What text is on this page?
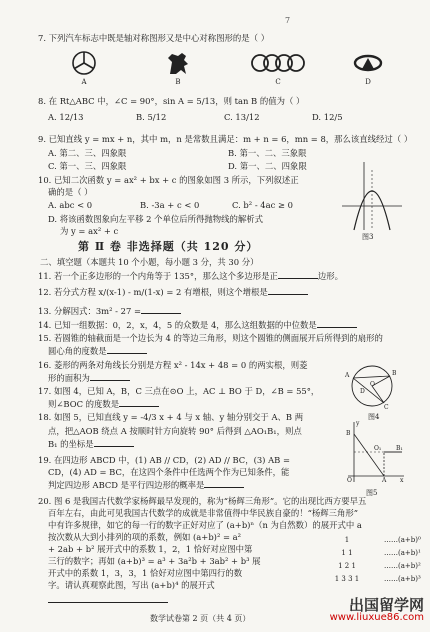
7
7. 下列汽车标志中既是轴对称图形又是中心对称图形的是（ ）
A	B	C	D
8. 在 Rt△ABC 中，∠C = 90°，sin A = 5/13，则 tan B 的值为（ ）
A. 12/13	B. 5/12	C. 13/12	D. 12/5
9. 已知直线 y = mx + n，其中 m，n 是常数且满足：m + n = 6，mn = 8，那么该直线经过（ ）
A. 第二、三、四象限	B. 第一、二、三象限
C. 第一、三、四象限	D. 第一、二、四象限
10. 已知二次函数 y = ax² + bx + c 的图象如图 3 所示，下列叙述正
确的是（ ）
A. abc < 0	B. -3a + c < 0	C. b² - 4ac ≥ 0
D. 将该函数图象向左平移 2 个单位后所得抛物线的解析式
为 y = ax² + c
图3
第 Ⅱ 卷 非选择题（共 120 分）
二、填空题（本题共 10 个小题，每小题 3 分，共 30 分）
11. 若一个正多边形的一个内角等于 135°，那么这个多边形是正	边形。
12. 若分式方程 x/(x-1) - m/(1-x) = 2 有增根，则这个增根是
13. 分解因式：3m² - 27 =
14. 已知一组数据：0，2，x，4，5 的众数是 4，那么这组数据的中位数是
15. 若圆锥的轴截面是一个边长为 4 的等边三角形，则这个圆锥的侧面展开后所得到的扇形的
圆心角的度数是
16. 菱形的两条对角线长分别是方程 x² - 14x + 48 = 0 的两实根，则菱
形的面积为
17. 如图 4，已知 A，B，C 三点在⊙O 上，AC ⊥ BO 于 D，∠B = 55°，
则∠BOC 的度数是
A	B
C
D
O
图4
18. 如图 5，已知直线 y = -4/3 x + 4 与 x 轴、y 轴分别交于 A、B 两
点，把△AOB 绕点 A 按顺时针方向旋转 90° 后得到 △AO₁B₁，则点
B₁ 的坐标是
y
B
O₁ B₁
O	A x
图5
19. 在四边形 ABCD 中，(1) AB // CD，(2) AD // BC，(3) AB =
CD，(4) AD = BC，在这四个条件中任选两个作为已知条件，能
判定四边形 ABCD 是平行四边形的概率是
20. 图 6 是我国古代数学家杨辉最早发现的，称为“杨辉三角形”。它的出现比西方要早五
百年左右，由此可见我国古代数学的成就是非常值得中华民族自豪的！“杨辉三角形”
中有许多规律，如它的每一行的数字正好对应了 (a+b)ⁿ（n 为自然数）的展开式中 a
按次数从大到小排列的项的系数，例如 (a+b)² = a²
+ 2ab + b² 展开式中的系数 1，2，1 恰好对应图中第
三行的数字；再如 (a+b)³ = a³ + 3a²b + 3ab² + b³ 展
开式中的系数 1，3，3，1 恰好对应图中第四行的数
字。请认真观察此图，写出 (a+b)⁴ 的展开式
1
1 1
1 2 1
1 3 3 1
……(a+b)⁰
……(a+b)¹
……(a+b)²
……(a+b)³
数学试卷第 2 页（共 4 页）
出国留学网
www.liuxue86.com
